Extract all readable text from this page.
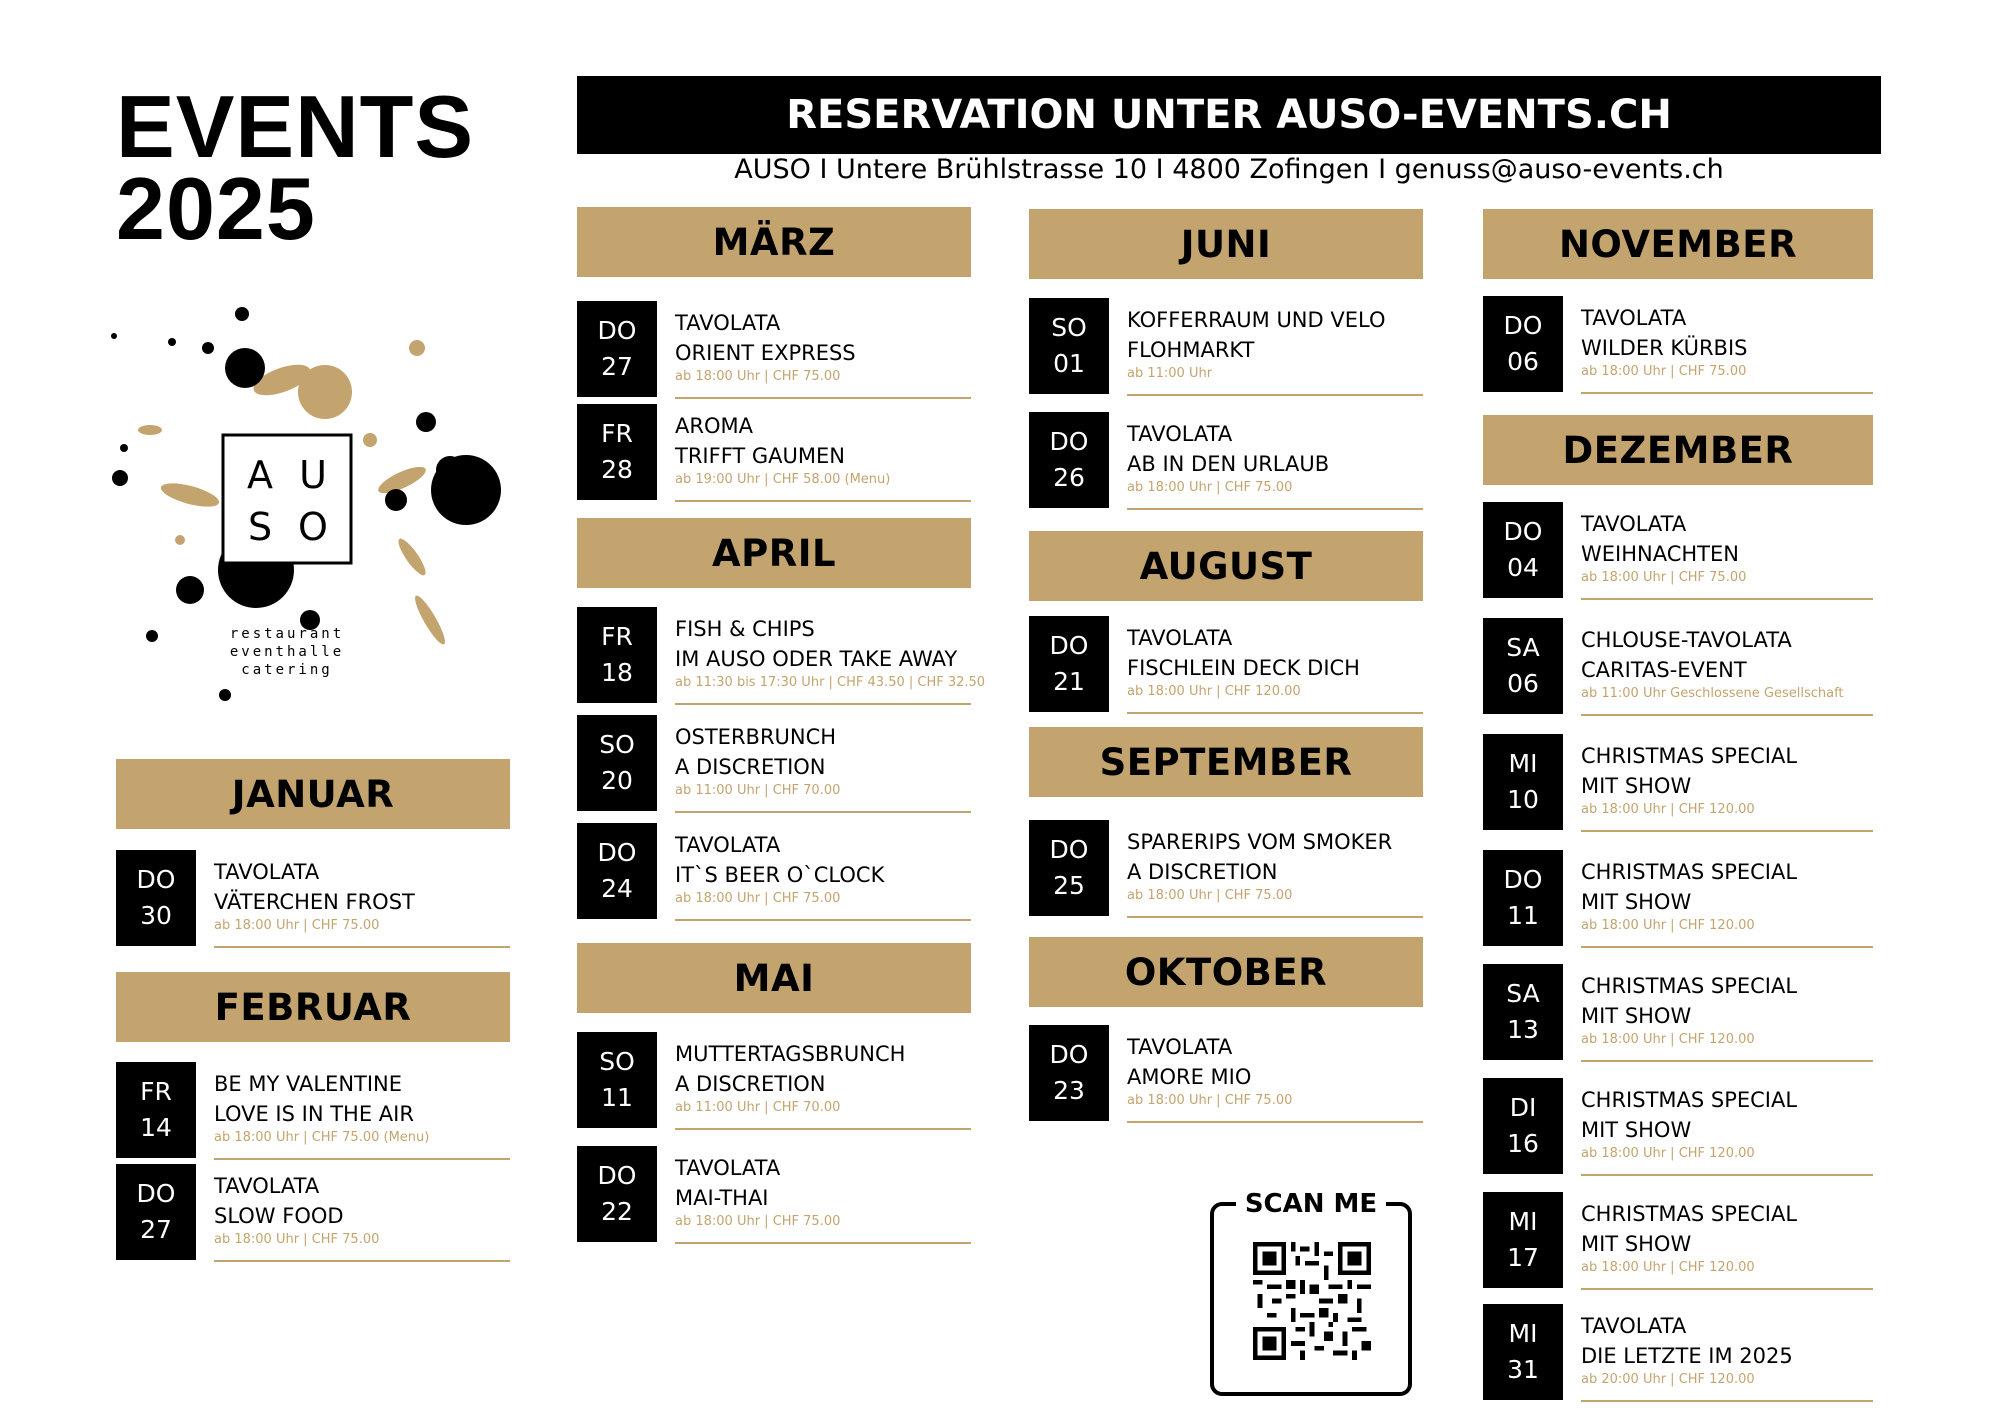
EVENTS
2025
RESERVATION UNTER AUSO-EVENTS.CH
AUSO I Untere Brühlstrasse 10 I 4800 Zofingen I genuss@auso-events.ch
A U
S O
restaurant
eventhalle
catering
SCAN ME
JANUAR
DO
30
TAVOLATA
VÄTERCHEN FROST
ab 18:00 Uhr | CHF 75.00
FEBRUAR
FR
14
BE MY VALENTINE
LOVE IS IN THE AIR
ab 18:00 Uhr | CHF 75.00 (Menu)
DO
27
TAVOLATA
SLOW FOOD
ab 18:00 Uhr | CHF 75.00
MÄRZ
DO
27
TAVOLATA
ORIENT EXPRESS
ab 18:00 Uhr | CHF 75.00
FR
28
AROMA
TRIFFT GAUMEN
ab 19:00 Uhr | CHF 58.00 (Menu)
APRIL
FR
18
FISH & CHIPS
IM AUSO ODER TAKE AWAY
ab 11:30 bis 17:30 Uhr | CHF 43.50 | CHF 32.50
SO
20
OSTERBRUNCH
A DISCRETION
ab 11:00 Uhr | CHF 70.00
DO
24
TAVOLATA
IT`S BEER O`CLOCK
ab 18:00 Uhr | CHF 75.00
MAI
SO
11
MUTTERTAGSBRUNCH
A DISCRETION
ab 11:00 Uhr | CHF 70.00
DO
22
TAVOLATA
MAI-THAI
ab 18:00 Uhr | CHF 75.00
JUNI
SO
01
KOFFERRAUM UND VELO
FLOHMARKT
ab 11:00 Uhr
DO
26
TAVOLATA
AB IN DEN URLAUB
ab 18:00 Uhr | CHF 75.00
AUGUST
DO
21
TAVOLATA
FISCHLEIN DECK DICH
ab 18:00 Uhr | CHF 120.00
SEPTEMBER
DO
25
SPARERIPS VOM SMOKER
A DISCRETION
ab 18:00 Uhr | CHF 75.00
OKTOBER
DO
23
TAVOLATA
AMORE MIO
ab 18:00 Uhr | CHF 75.00
NOVEMBER
DO
06
TAVOLATA
WILDER KÜRBIS
ab 18:00 Uhr | CHF 75.00
DEZEMBER
DO
04
TAVOLATA
WEIHNACHTEN
ab 18:00 Uhr | CHF 75.00
SA
06
CHLOUSE-TAVOLATA
CARITAS-EVENT
ab 11:00 Uhr Geschlossene Gesellschaft
MI
10
CHRISTMAS SPECIAL
MIT SHOW
ab 18:00 Uhr | CHF 120.00
DO
11
CHRISTMAS SPECIAL
MIT SHOW
ab 18:00 Uhr | CHF 120.00
SA
13
CHRISTMAS SPECIAL
MIT SHOW
ab 18:00 Uhr | CHF 120.00
DI
16
CHRISTMAS SPECIAL
MIT SHOW
ab 18:00 Uhr | CHF 120.00
MI
17
CHRISTMAS SPECIAL
MIT SHOW
ab 18:00 Uhr | CHF 120.00
MI
31
TAVOLATA
DIE LETZTE IM 2025
ab 20:00 Uhr | CHF 120.00
